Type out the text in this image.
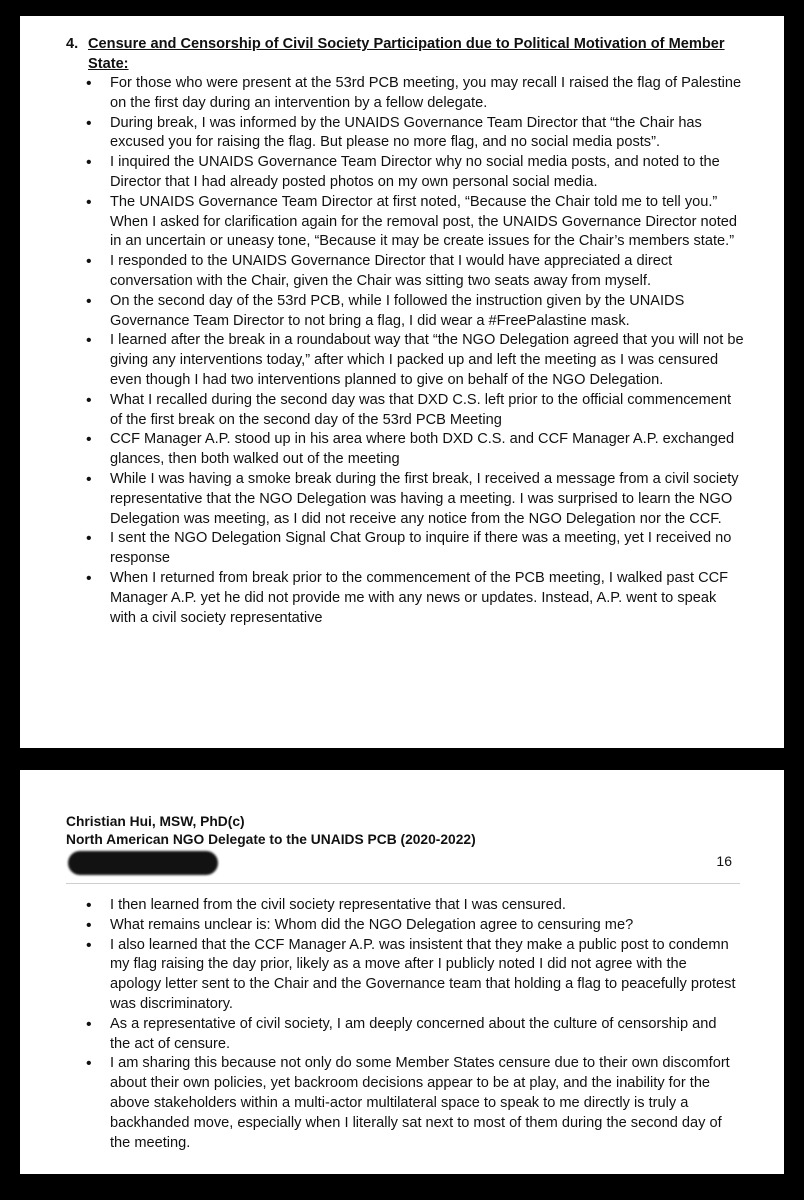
4. Censure and Censorship of Civil Society Participation due to Political Motivation of Member State:
• For those who were present at the 53rd PCB meeting, you may recall I raised the flag of Palestine on the first day during an intervention by a fellow delegate.
• During break, I was informed by the UNAIDS Governance Team Director that “the Chair has excused you for raising the flag. But please no more flag, and no social media posts”.
• I inquired the UNAIDS Governance Team Director why no social media posts, and noted to the Director that I had already posted photos on my own personal social media.
• The UNAIDS Governance Team Director at first noted, “Because the Chair told me to tell you.” When I asked for clarification again for the removal post, the UNAIDS Governance Director noted in an uncertain or uneasy tone, “Because it may be create issues for the Chair’s members state.”
• I responded to the UNAIDS Governance Director that I would have appreciated a direct conversation with the Chair, given the Chair was sitting two seats away from myself.
• On the second day of the 53rd PCB, while I followed the instruction given by the UNAIDS Governance Team Director to not bring a flag, I did wear a #FreePalastine mask.
• I learned after the break in a roundabout way that “the NGO Delegation agreed that you will not be giving any interventions today,” after which I packed up and left the meeting as I was censured even though I had two interventions planned to give on behalf of the NGO Delegation.
• What I recalled during the second day was that DXD C.S. left prior to the official commencement of the first break on the second day of the 53rd PCB Meeting
• CCF Manager A.P. stood up in his area where both DXD C.S. and CCF Manager A.P. exchanged glances, then both walked out of the meeting
• While I was having a smoke break during the first break, I received a message from a civil society representative that the NGO Delegation was having a meeting. I was surprised to learn the NGO Delegation was meeting, as I did not receive any notice from the NGO Delegation nor the CCF.
• I sent the NGO Delegation Signal Chat Group to inquire if there was a meeting, yet I received no response
• When I returned from break prior to the commencement of the PCB meeting, I walked past CCF Manager A.P. yet he did not provide me with any news or updates. Instead, A.P. went to speak with a civil society representative
Christian Hui, MSW, PhD(c)
North American NGO Delegate to the UNAIDS PCB (2020-2022)
16
• I then learned from the civil society representative that I was censured.
• What remains unclear is: Whom did the NGO Delegation agree to censuring me?
• I also learned that the CCF Manager A.P. was insistent that they make a public post to condemn my flag raising the day prior, likely as a move after I publicly noted I did not agree with the apology letter sent to the Chair and the Governance team that holding a flag to peacefully protest was discriminatory.
• As a representative of civil society, I am deeply concerned about the culture of censorship and the act of censure.
• I am sharing this because not only do some Member States censure due to their own discomfort about their own policies, yet backroom decisions appear to be at play, and the inability for the above stakeholders within a multi-actor multilateral space to speak to me directly is truly a backhanded move, especially when I literally sat next to most of them during the second day of the meeting.
